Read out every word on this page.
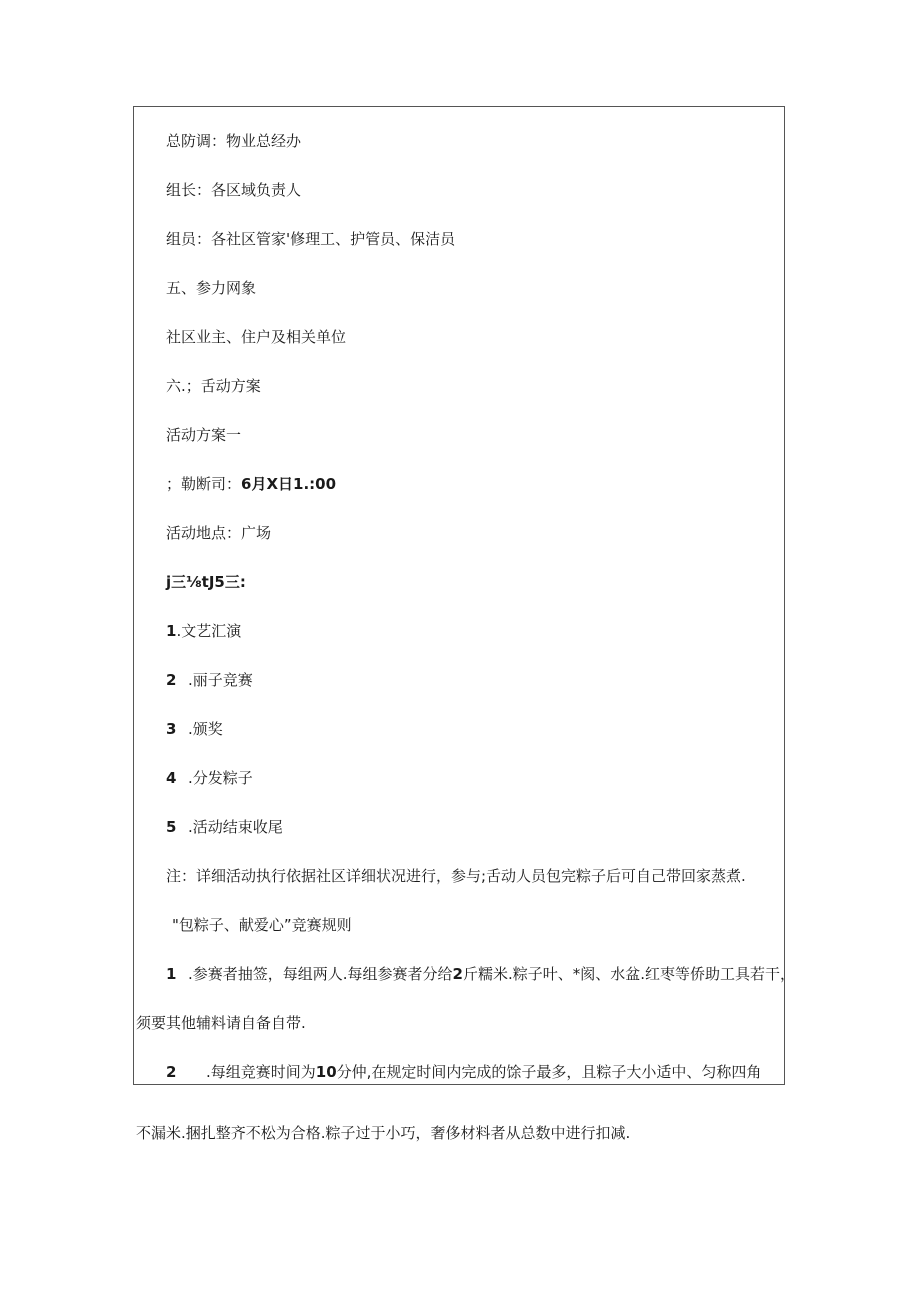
总防调：物业总经办
组长：各区域负责人
组员：各社区管家'修理工、护管员、保洁员
五、参力网象
社区业主、住户及相关单位
六.；舌动方案
活动方案一
；勒断司：6月X日1.:00
活动地点：广场
j三⅛tJ5三:
1.文艺汇演
2 .丽子竞赛
3 .颁奖
4 .分发粽子
5 .活动结束收尾
注：详细活动执行依据社区详细状况进行，参与;舌动人员包完粽子后可自己带回家蒸煮.
"包粽子、献爱心”竞赛规则
1 .参赛者抽签，每组两人.每组参赛者分给2斤糯米.粽子叶、*阂、水盆.红枣等侨助工具若干，
须要其他辅料请自备自带.
2 .每组竞赛时间为10分仲,在规定时间内完成的馀子最多，且粽子大小适中、匀称四角
不漏米.捆扎整齐不松为合格.粽子过于小巧，奢侈材料者从总数中进行扣减.
